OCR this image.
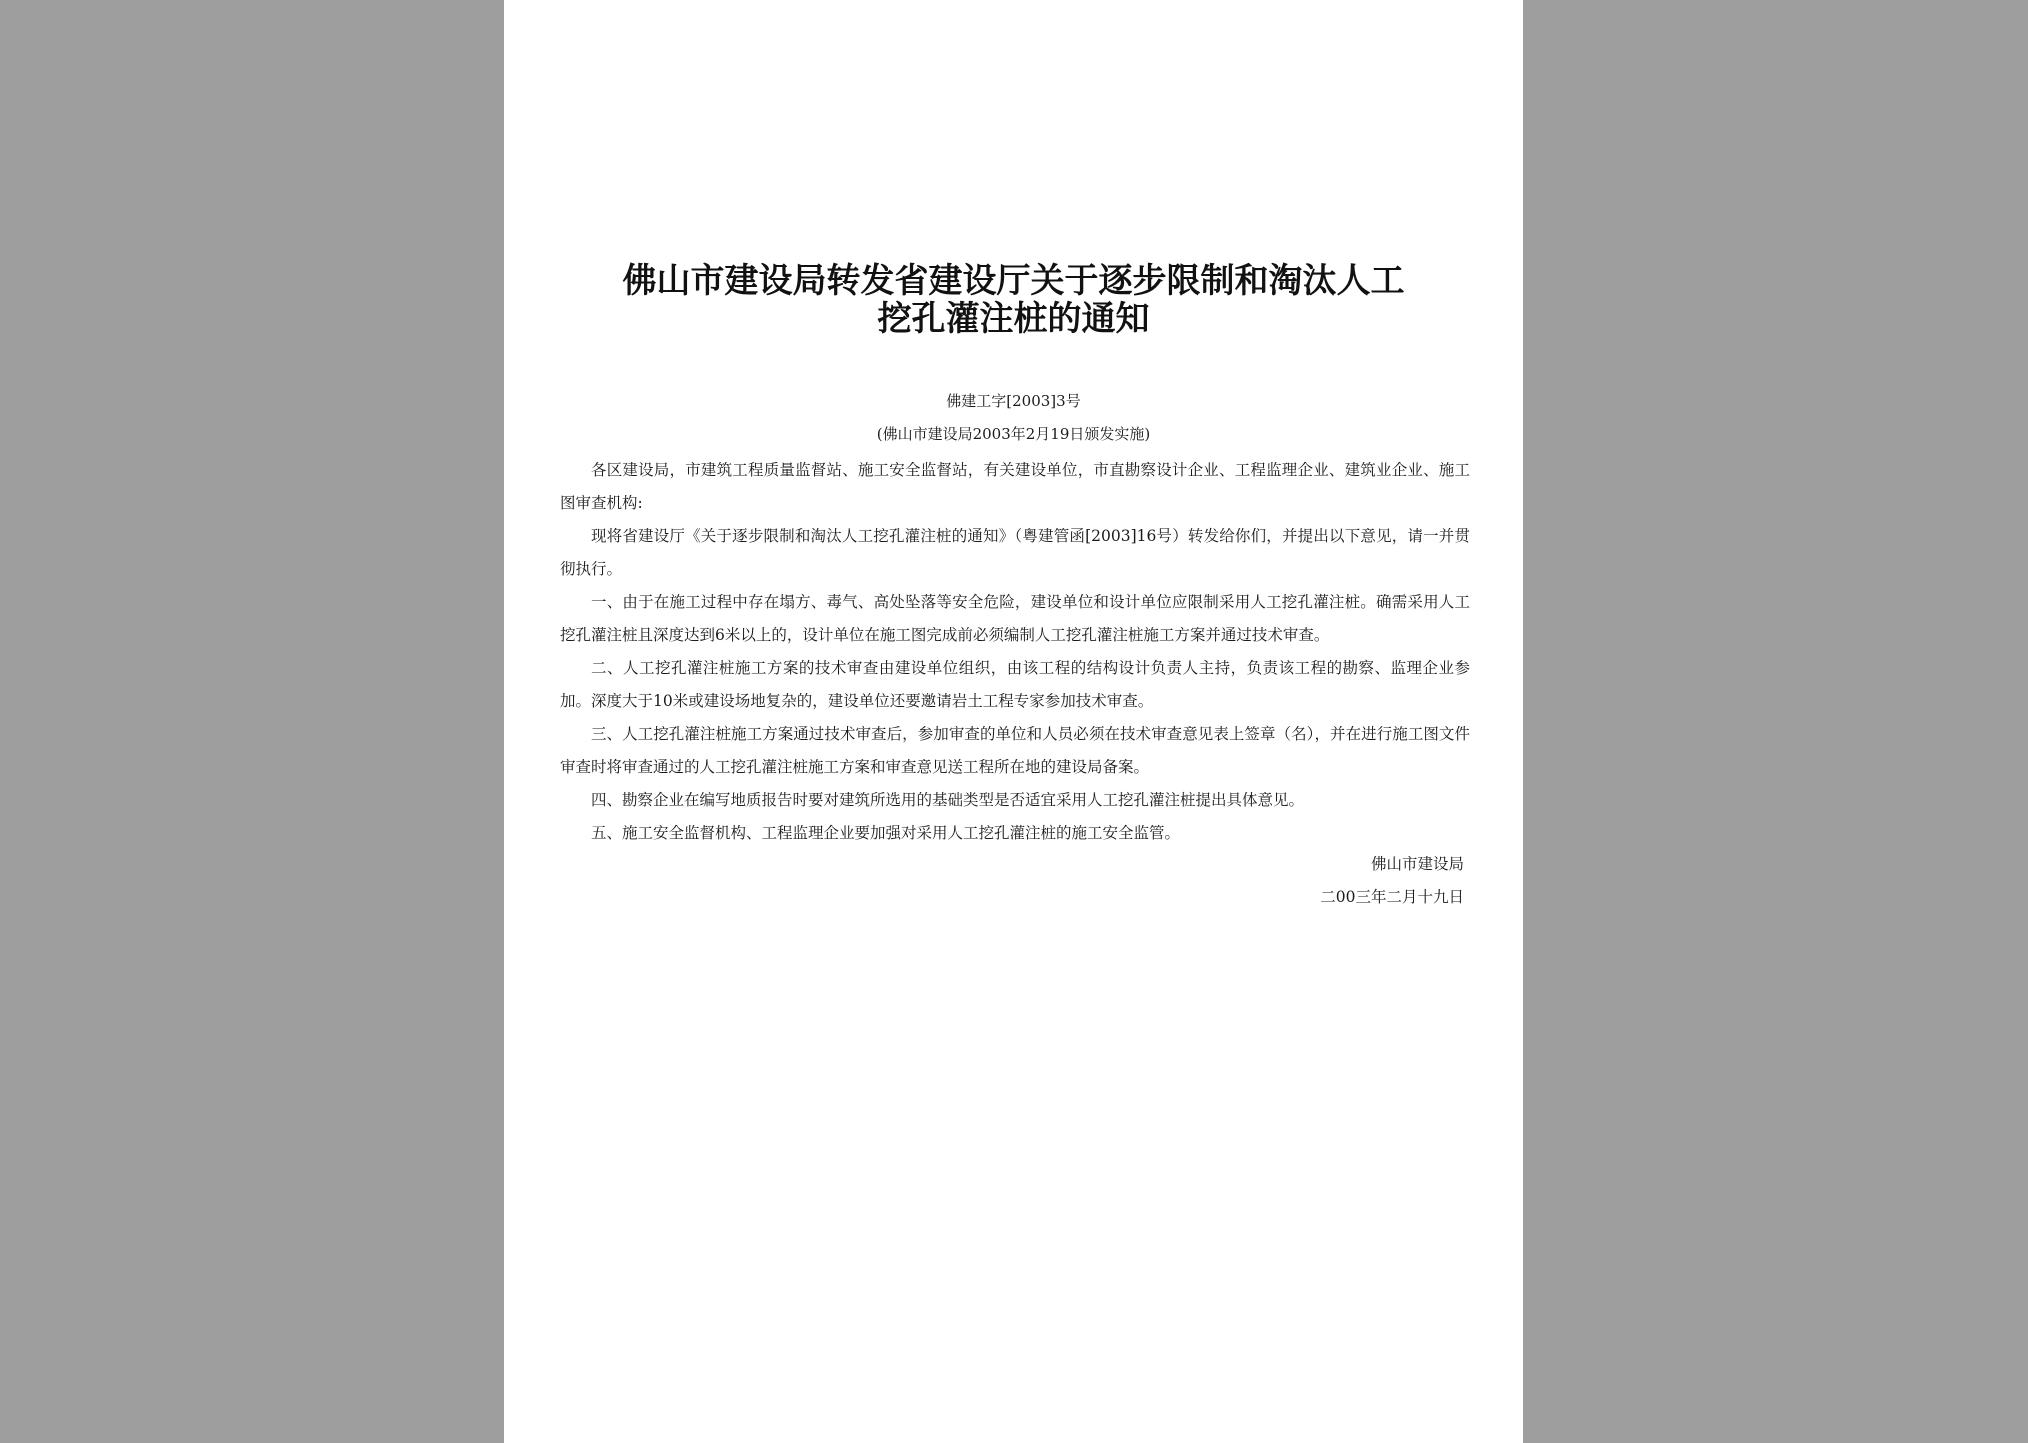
佛山市建设局转发省建设厅关于逐步限制和淘汰人工
挖孔灌注桩的通知
佛建工字[2003]3号
(佛山市建设局2003年2月19日颁发实施)

各区建设局，市建筑工程质量监督站、施工安全监督站，有关建设单位，市直勘察设计企业、工程监理企业、建筑业企业、施工图审查机构:

现将省建设厅《关于逐步限制和淘汰人工挖孔灌注桩的通知》（粤建管函[2003]16号）转发给你们，并提出以下意见，请一并贯彻执行。

一、由于在施工过程中存在塌方、毒气、高处坠落等安全危险，建设单位和设计单位应限制采用人工挖孔灌注桩。确需采用人工挖孔灌注桩且深度达到6米以上的，设计单位在施工图完成前必须编制人工挖孔灌注桩施工方案并通过技术审查。

二、人工挖孔灌注桩施工方案的技术审查由建设单位组织，由该工程的结构设计负责人主持，负责该工程的勘察、监理企业参加。深度大于10米或建设场地复杂的，建设单位还要邀请岩土工程专家参加技术审查。

三、人工挖孔灌注桩施工方案通过技术审查后，参加审查的单位和人员必须在技术审查意见表上签章（名），并在进行施工图文件审查时将审查通过的人工挖孔灌注桩施工方案和审查意见送工程所在地的建设局备案。

四、勘察企业在编写地质报告时要对建筑所选用的基础类型是否适宜采用人工挖孔灌注桩提出具体意见。

五、施工安全监督机构、工程监理企业要加强对采用人工挖孔灌注桩的施工安全监管。

佛山市建设局
二00三年二月十九日
